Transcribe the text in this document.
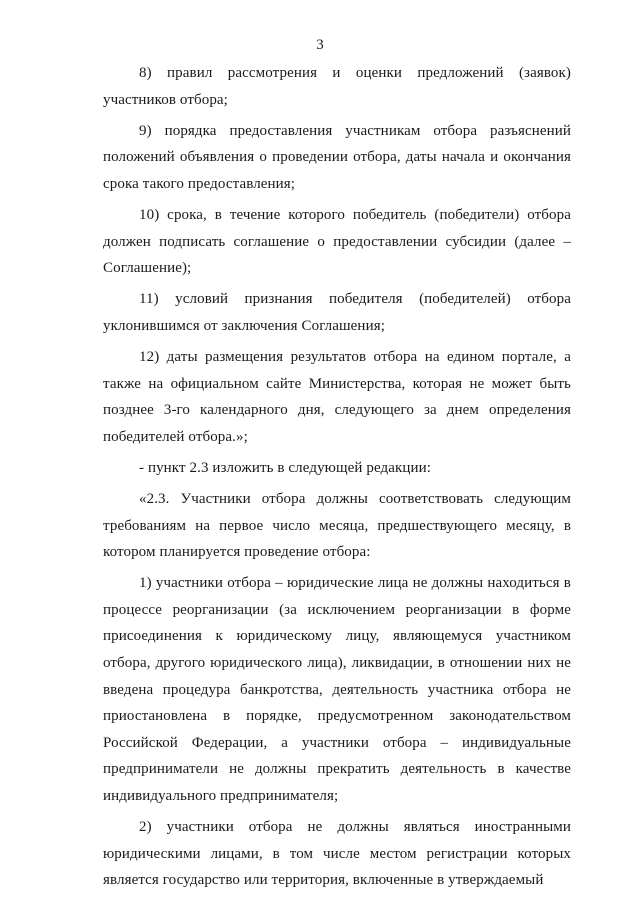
3

8) правил рассмотрения и оценки предложений (заявок) участников отбора;

9) порядка предоставления участникам отбора разъяснений положений объявления о проведении отбора, даты начала и окончания срока такого предоставления;

10) срока, в течение которого победитель (победители) отбора должен подписать соглашение о предоставлении субсидии (далее – Соглашение);

11) условий признания победителя (победителей) отбора уклонившимся от заключения Соглашения;

12) даты размещения результатов отбора на едином портале, а также на официальном сайте Министерства, которая не может быть позднее 3-го календарного дня, следующего за днем определения победителей отбора.»;

- пункт 2.3 изложить в следующей редакции:

«2.3. Участники отбора должны соответствовать следующим требованиям на первое число месяца, предшествующего месяцу, в котором планируется проведение отбора:

1) участники отбора – юридические лица не должны находиться в процессе реорганизации (за исключением реорганизации в форме присоединения к юридическому лицу, являющемуся участником отбора, другого юридического лица), ликвидации, в отношении них не введена процедура банкротства, деятельность участника отбора не приостановлена в порядке, предусмотренном законодательством Российской Федерации, а участники отбора – индивидуальные предприниматели не должны прекратить деятельность в качестве индивидуального предпринимателя;

2) участники отбора не должны являться иностранными юридическими лицами, в том числе местом регистрации которых является государство или территория, включенные в утверждаемый
